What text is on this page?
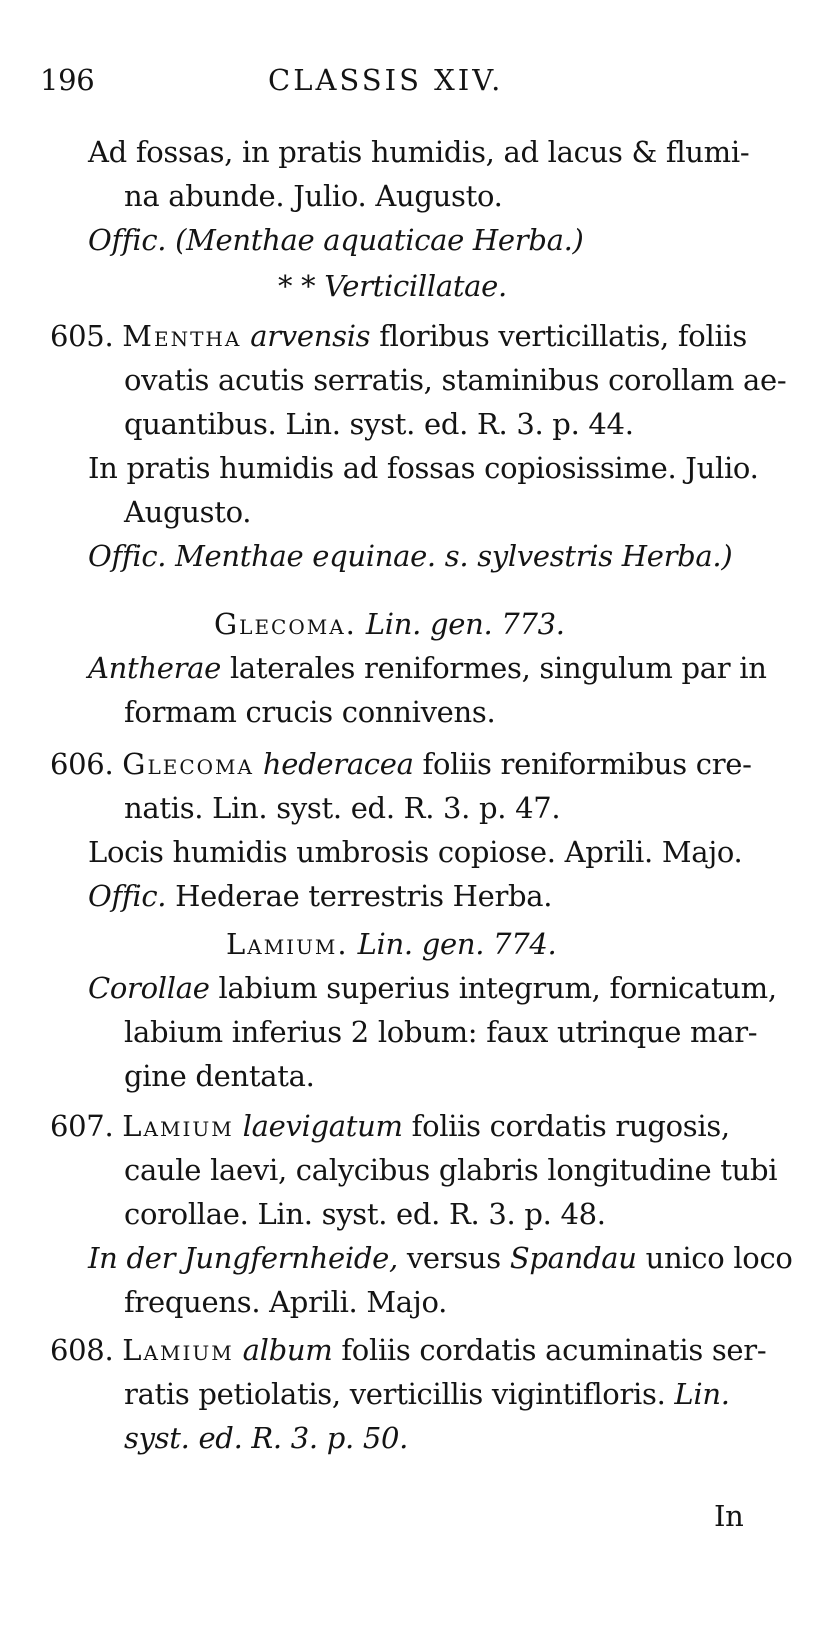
196	CLASSIS XIV.
Ad fossas, in pratis humidis, ad lacus & flumi-
na abunde. Julio. Augusto.
Offic. (Menthae aquaticae Herba.)
* * Verticillatae.
605. Mentha arvensis floribus verticillatis, foliis
ovatis acutis serratis, staminibus corollam ae-
quantibus. Lin. syst. ed. R. 3. p. 44.
In pratis humidis ad fossas copiosissime. Julio.
Augusto.
Offic. Menthae equinae. s. sylvestris Herba.)
Glecoma. Lin. gen. 773.
Antherae laterales reniformes, singulum par in
formam crucis connivens.
606. Glecoma hederacea foliis reniformibus cre-
natis. Lin. syst. ed. R. 3. p. 47.
Locis humidis umbrosis copiose. Aprili. Majo.
Offic. Hederae terrestris Herba.
Lamium. Lin. gen. 774.
Corollae labium superius integrum, fornicatum,
labium inferius 2 lobum: faux utrinque mar-
gine dentata.
607. Lamium laevigatum foliis cordatis rugosis,
caule laevi, calycibus glabris longitudine tubi
corollae. Lin. syst. ed. R. 3. p. 48.
In der Jungfernheide, versus Spandau unico loco
frequens. Aprili. Majo.
608. Lamium album foliis cordatis acuminatis ser-
ratis petiolatis, verticillis vigintifloris. Lin.
syst. ed. R. 3. p. 50.
In
